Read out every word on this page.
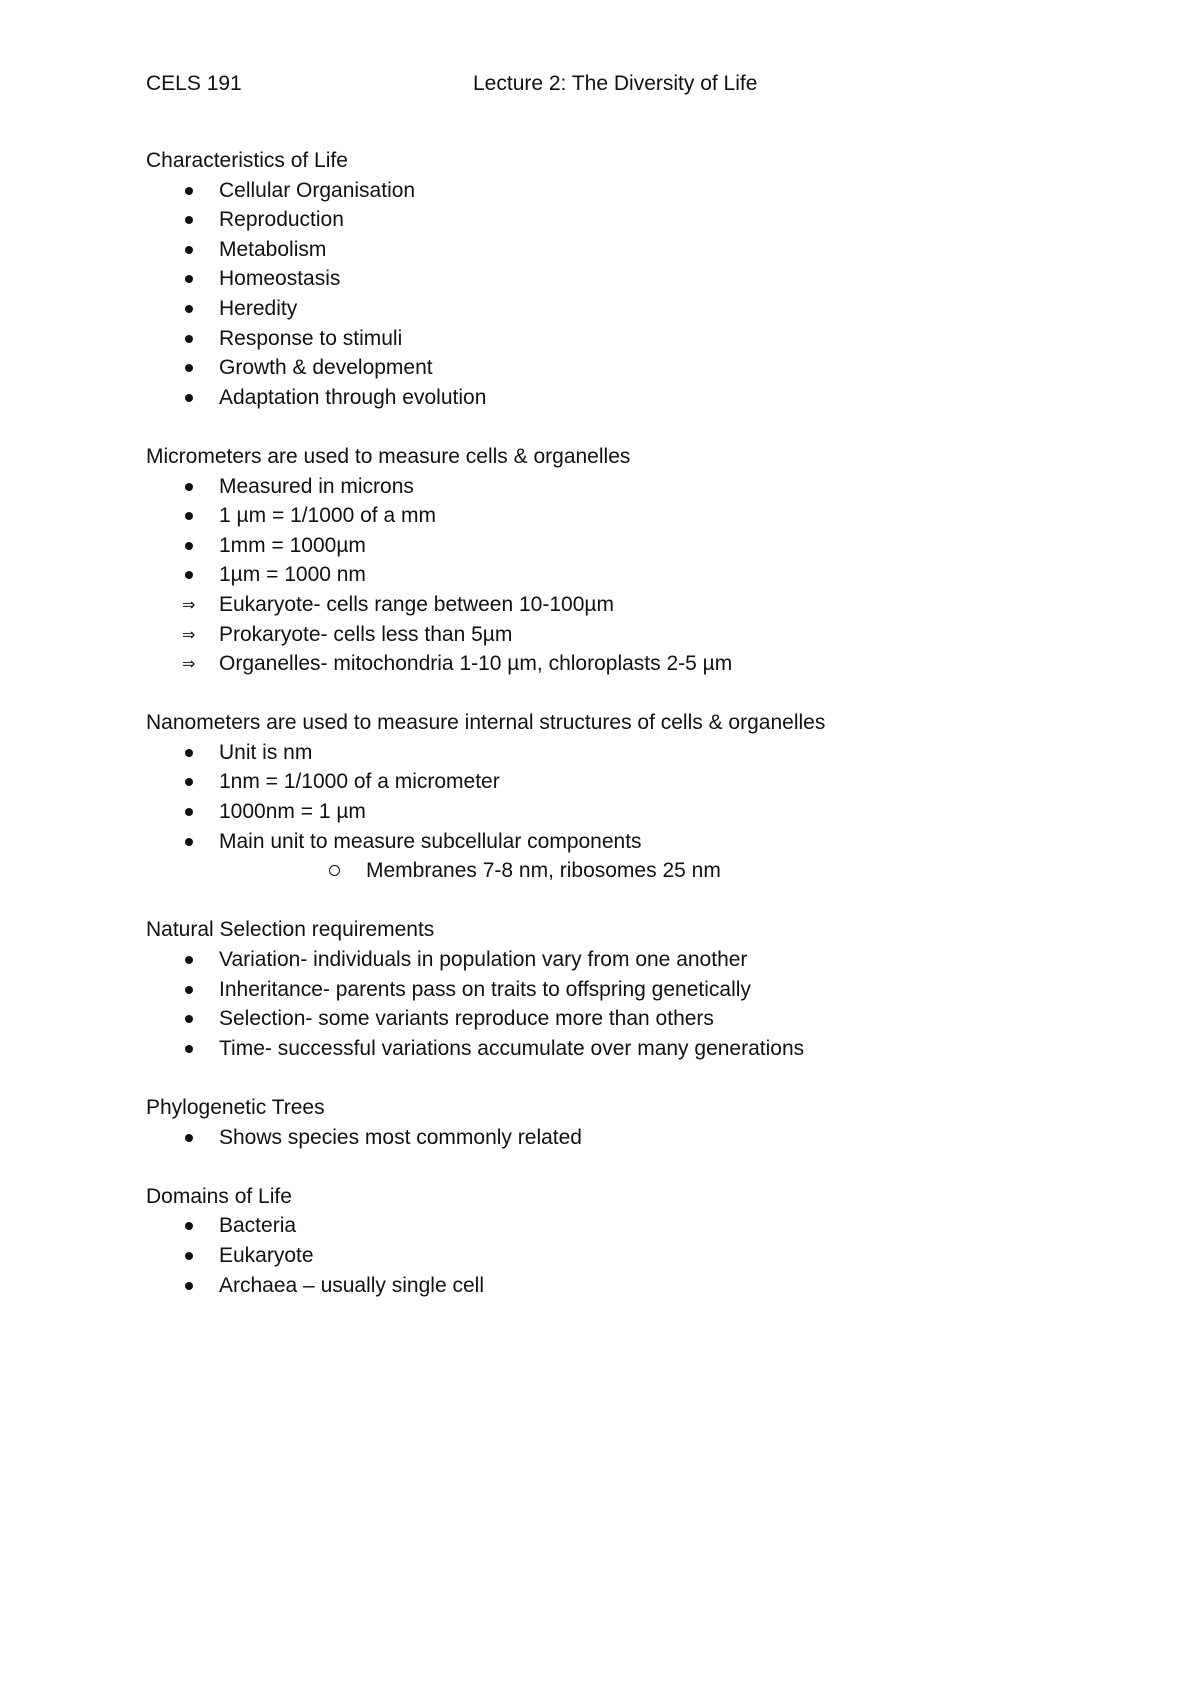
CELS 191	Lecture 2: The Diversity of Life
Characteristics of Life
Cellular Organisation
Reproduction
Metabolism
Homeostasis
Heredity
Response to stimuli
Growth & development
Adaptation through evolution
Micrometers are used to measure cells & organelles
Measured in microns
1 µm = 1/1000 of a mm
1mm = 1000µm
1µm = 1000 nm
⇒ Eukaryote- cells range between 10-100µm
⇒ Prokaryote- cells less than 5µm
⇒ Organelles- mitochondria 1-10 µm, chloroplasts 2-5 µm
Nanometers are used to measure internal structures of cells & organelles
Unit is nm
1nm = 1/1000 of a micrometer
1000nm = 1 µm
Main unit to measure subcellular components
Membranes 7-8 nm, ribosomes 25 nm
Natural Selection requirements
Variation- individuals in population vary from one another
Inheritance- parents pass on traits to offspring genetically
Selection- some variants reproduce more than others
Time- successful variations accumulate over many generations
Phylogenetic Trees
Shows species most commonly related
Domains of Life
Bacteria
Eukaryote
Archaea – usually single cell
